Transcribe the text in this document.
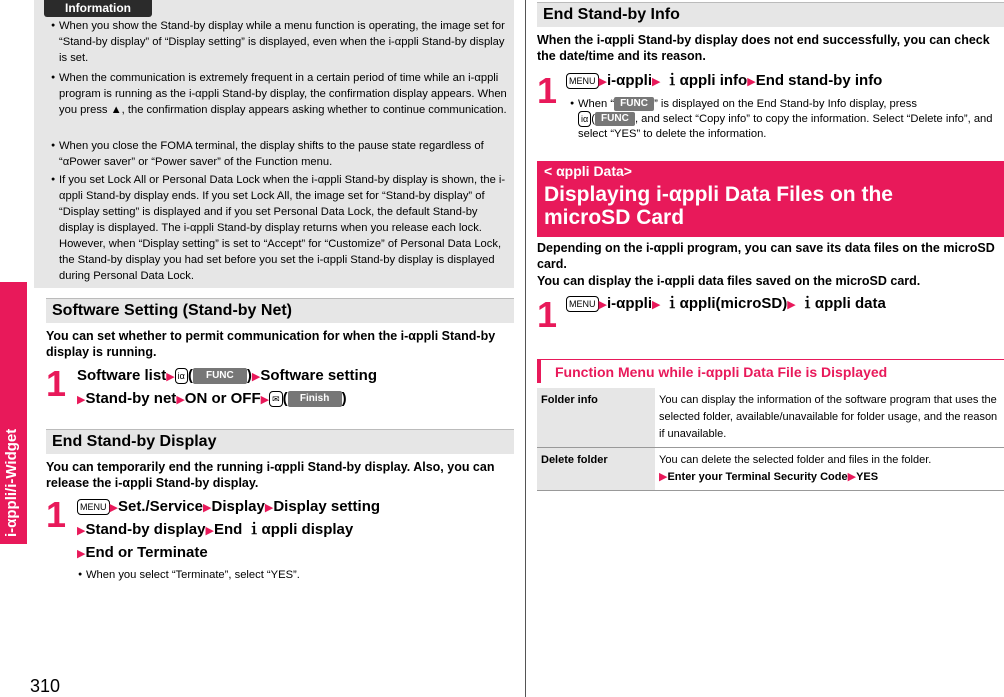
i-αppli/i-Widget
310
Information
● When you show the Stand-by display while a menu function is operating, the image set for “Stand-by display” of “Display setting” is displayed, even when the i-αppli Stand-by display is set.
● When the communication is extremely frequent in a certain period of time while an i-αppli program is running as the i-αppli Stand-by display, the confirmation display appears. When you press ▲, the confirmation display appears asking whether to continue communication.
● When you close the FOMA terminal, the display shifts to the pause state regardless of “αPower saver” or “Power saver” of the Function menu.
● If you set Lock All or Personal Data Lock when the i-αppli Stand-by display is shown, the i-αppli Stand-by display ends. If you set Lock All, the image set for “Stand-by display” of “Display setting” is displayed and if you set Personal Data Lock, the default Stand-by display is displayed. The i-αppli Stand-by display returns when you release each lock. However, when “Display setting” is set to “Accept” for “Customize” of Personal Data Lock, the Stand-by display you had set before you set the i-αppli Stand-by display is displayed during Personal Data Lock.
Software Setting (Stand-by Net)
You can set whether to permit communication for when the i-αppli Stand-by display is running.
1 Software list▶ iα ( FUNC )▶Software setting
▶Stand-by net▶ON or OFF▶ ✉ ( Finish )
End Stand-by Display
You can temporarily end the running i-αppli Stand-by display. Also, you can release the i-αppli Stand-by display.
1	MENU ▶Set./Service▶Display▶Display setting
▶Stand-by display▶End ｉαppli display
▶End or Terminate
● When you select “Terminate”, select “YES”.
End Stand-by Info
When the i-αppli Stand-by display does not end successfully, you can check the date/time and its reason.
1	MENU ▶i-αppli▶ ｉαppli info▶End stand-by info
● When “ FUNC ” is displayed on the End Stand-by Info display, press
iα ( FUNC , and select “Copy info” to copy the information. Select “Delete info”, and select “YES” to delete the information.
< αppli Data>
Displaying i-αppli Data Files on the microSD Card
Depending on the i-αppli program, you can save its data files on the microSD card.
You can display the i-αppli data files saved on the microSD card.
1	MENU ▶i-αppli▶ ｉαppli(microSD)▶ ｉαppli data
Function Menu while i-αppli Data File is Displayed
Folder info	You can display the information of the software program that uses the selected folder, available/unavailable for folder usage, and the reason if unavailable.
Delete folder	You can delete the selected folder and files in the folder.
▶Enter your Terminal Security Code▶YES
